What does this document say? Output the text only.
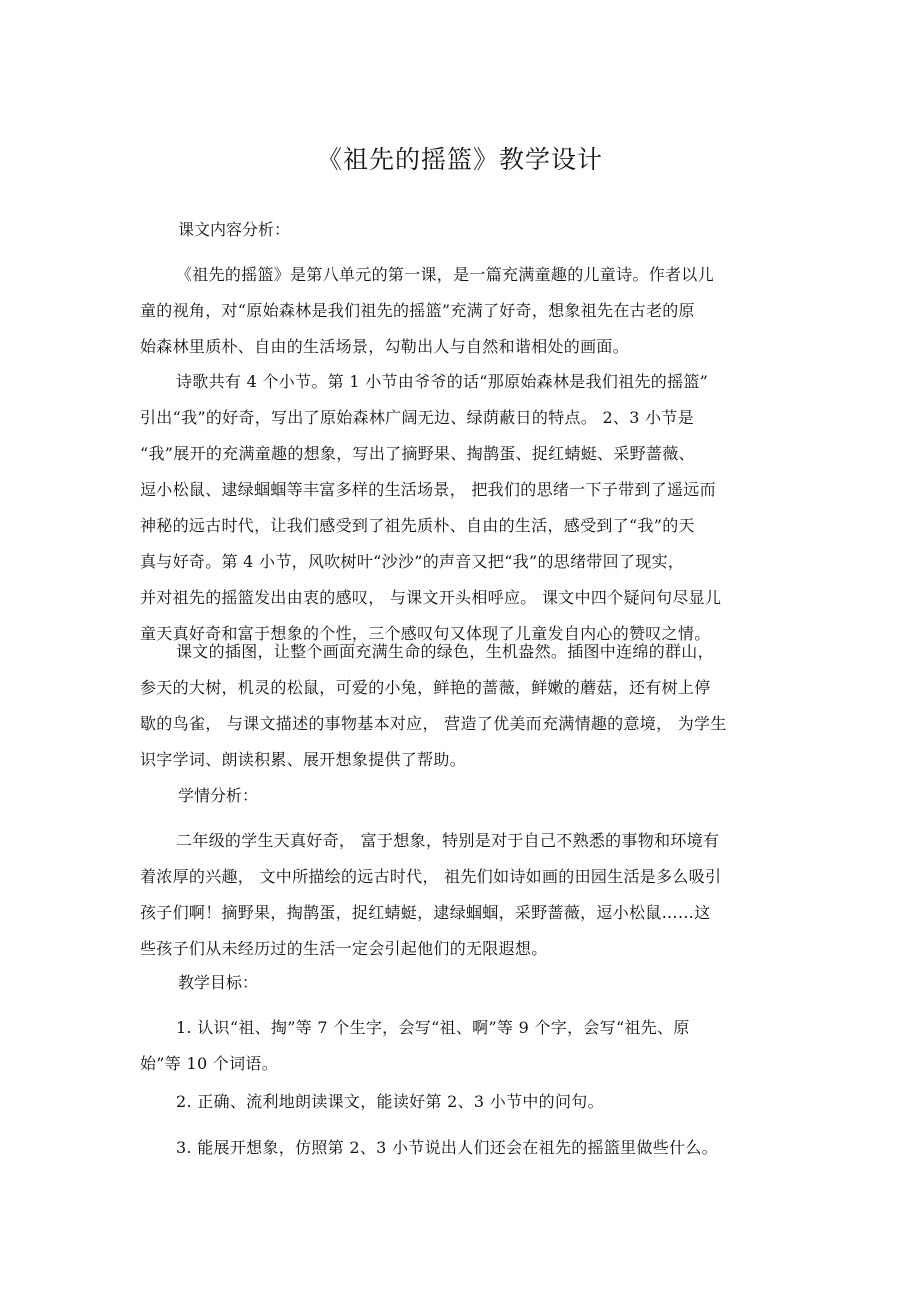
《祖先的摇篮》教学设计
课文内容分析：
《祖先的摇篮》是第八单元的第一课，是一篇充满童趣的儿童诗。作者以儿
童的视角，对“原始森林是我们祖先的摇篮”充满了好奇，想象祖先在古老的原
始森林里质朴、自由的生活场景，勾勒出人与自然和谐相处的画面。
诗歌共有 4 个小节。第 1 小节由爷爷的话“那原始森林是我们祖先的摇篮”
引出“我”的好奇，写出了原始森林广阔无边、绿荫蔽日的特点。 2、3 小节是
“我”展开的充满童趣的想象，写出了摘野果、掏鹊蛋、捉红蜻蜓、采野蔷薇、
逗小松鼠、逮绿蝈蝈等丰富多样的生活场景， 把我们的思绪一下子带到了遥远而
神秘的远古时代，让我们感受到了祖先质朴、自由的生活，感受到了“我”的天
真与好奇。第 4 小节，风吹树叶“沙沙”的声音又把“我”的思绪带回了现实，
并对祖先的摇篮发出由衷的感叹， 与课文开头相呼应。 课文中四个疑问句尽显儿
童天真好奇和富于想象的个性，三个感叹句又体现了儿童发自内心的赞叹之情。
课文的插图，让整个画面充满生命的绿色，生机盎然。插图中连绵的群山，
参天的大树，机灵的松鼠，可爱的小兔，鲜艳的蔷薇，鲜嫩的蘑菇，还有树上停
歇的鸟雀， 与课文描述的事物基本对应， 营造了优美而充满情趣的意境， 为学生
识字学词、朗读积累、展开想象提供了帮助。
学情分析：
二年级的学生天真好奇， 富于想象，特别是对于自己不熟悉的事物和环境有
着浓厚的兴趣， 文中所描绘的远古时代， 祖先们如诗如画的田园生活是多么吸引
孩子们啊！摘野果，掏鹊蛋，捉红蜻蜓，逮绿蝈蝈，采野蔷薇，逗小松鼠……这
些孩子们从未经历过的生活一定会引起他们的无限遐想。
教学目标：
1. 认识“祖、掏”等 7 个生字，会写“祖、啊”等 9 个字，会写“祖先、原
始”等 10 个词语。
2. 正确、流利地朗读课文，能读好第 2、3 小节中的问句。
3. 能展开想象，仿照第 2、3 小节说出人们还会在祖先的摇篮里做些什么。
